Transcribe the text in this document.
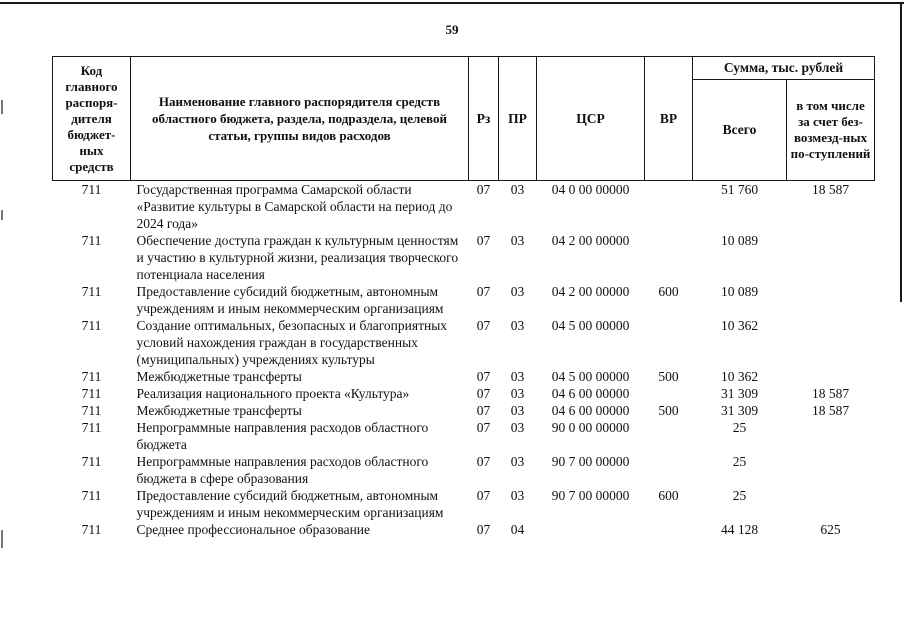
59
Код главного распоря-дителя бюджет-ных средств	Наименование главного распорядителя средств областного бюджета, раздела, подраздела, целевой статьи, группы видов расходов	Рз	ПР	ЦСР	ВР	Сумма, тыс. рублей	
						Всего	в том числе за счет без-возмезд-ных по-ступлений
711	Государственная программа Самарской области «Развитие культуры в Самарской области на период до 2024 года»	07	03	04 0 00 00000		51 760	18 587
711	Обеспечение доступа граждан к культурным ценностям и участию в культурной жизни, реализация творческого потенциала населения	07	03	04 2 00 00000		10 089	
711	Предоставление субсидий бюджетным, автономным учреждениям и иным некоммерческим организациям	07	03	04 2 00 00000	600	10 089	
711	Создание оптимальных, безопасных и благоприятных условий нахождения граждан в государственных (муниципальных) учреждениях культуры	07	03	04 5 00 00000		10 362	
711	Межбюджетные трансферты	07	03	04 5 00 00000	500	10 362	
711	Реализация национального проекта «Культура»	07	03	04 6 00 00000		31 309	18 587
711	Межбюджетные трансферты	07	03	04 6 00 00000	500	31 309	18 587
711	Непрограммные направления расходов областного бюджета	07	03	90 0 00 00000		25	
711	Непрограммные направления расходов областного бюджета в сфере образования	07	03	90 7 00 00000		25	
711	Предоставление субсидий бюджетным, автономным учреждениям и иным некоммерческим организациям	07	03	90 7 00 00000	600	25	
711	Среднее профессиональное образование	07	04			44 128	625
